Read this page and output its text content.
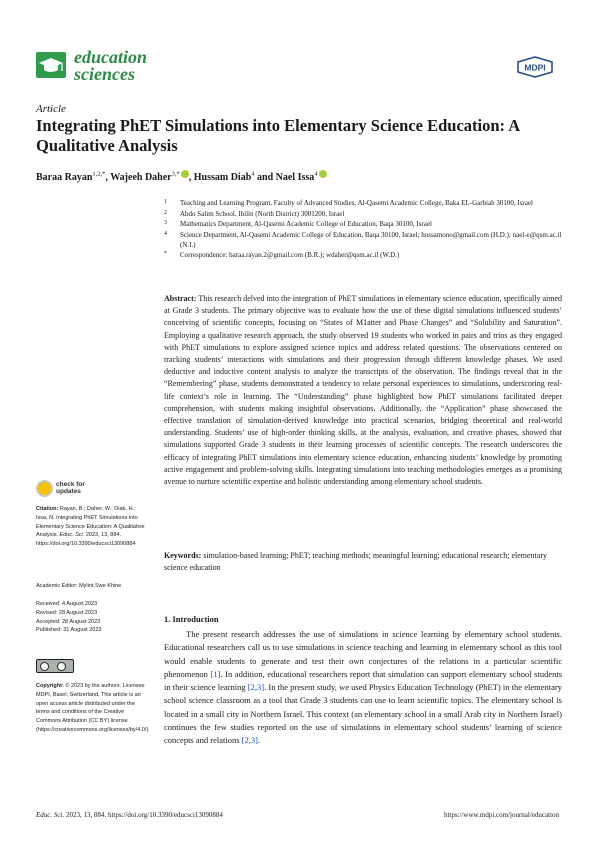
education
sciences	MDPI
Article
Integrating PhET Simulations into Elementary Science Education: A Qualitative Analysis
Baraa Rayan$^{1,2,*}$, Wajeeh Daher$^{3,*}$ , Hussam Diab$^4$ and Nael Issa$^4$
1 Teaching and Learning Program, Faculty of Advanced Studies, Al-Qasemi Academic College, Baka EL-Garbiah 30100, Israel
2 Abdo Salim School, Ibilin (North District) 3001200, Israel
3 Mathematics Department, Al-Qasemi Academic College of Education, Baqa 30100, Israel
4 Science Department, Al-Qasemi Academic College of Education, Baqa 30100, Israel; hussamono@gmail.com (H.D.); nael-e@qsm.ac.il (N.I.)
* Correspondence: baraa.rayan.2@gmail.com (B.R.); wdaher@qsm.ac.il (W.D.)

Abstract: This research delved into the integration of PhET simulations in elementary science education, specifically aimed at Grade 3 students. The primary objective was to evaluate how the use of these digital simulations influenced students’ conceiving of scientific concepts, focusing on “States of M1atter and Phase Changes” and “Solubility and Saturation”. Employing a qualitative research approach, the study observed 19 students who worked in pairs and trios as they engaged with PhET simulations to explore assigned science topics and address related questions. The observations centered on tracking students’ interactions with simulations and their progression through different knowledge phases. We used deductive and inductive content analysis to analyze the transcripts of the observation. The findings reveal that in the “Remembering” phase, students demonstrated a tendency to relate personal experiences to simulations, underscoring real-life context’s role in learning. The “Understanding” phase highlighted how PhET simulations facilitated deeper comprehension, with students making insightful observations. Additionally, the “Application” phase showcased the effective translation of simulation-derived knowledge into practical scenarios, bridging theoretical and real-world understanding. Students’ use of high-order thinking skills, at the analysis, evaluation, and creative phases, showed that simulations supported Grade 3 students in their learning processes of scientific concepts. The research underscores the efficacy of integrating PhET simulations into elementary science education, enhancing students’ knowledge by promoting active engagement and problem-solving skills. Integrating simulations into teaching methodologies emerges as a promising avenue to nurture scientific expertise and holistic understanding among elementary school students.

Keywords: simulation-based learning; PhET; teaching methods; meaningful learning; educational research; elementary science education

check for
updates
Citation: Rayan, B.; Daher, W.; Diab, H.; Issa, N. Integrating PhET Simulations into Elementary Science Education: A Qualitative Analysis. Educ. Sci. 2023, 13, 884. https://doi.org/10.3390/educsci13090884
Academic Editor: Mylint Swe Khine
Received: 4 August 2023
Revised: 28 August 2023
Accepted: 28 August 2023
Published: 31 August 2023
Copyright: © 2023 by the authors. Licensee MDPI, Basel, Switzerland. This article is an open access article distributed under the terms and conditions of the Creative Commons Attribution (CC BY) license (https://creativecommons.org/licenses/by/4.0/).
1. Introduction

The present research addresses the use of simulations in science learning by elementary school students. Educational researchers call us to use simulations in science teaching and learning in elementary school as this tool would enable students to generate and test their own conjectures of the relations in a particular scientific phenomenon [1]. In addition, educational researchers report that simulation can support elementary school students in their science learning [2,3]. In the present study, we used Physics Education Technology (PhET) in the elementary school science classroom as a tool that Grade 3 students can use to learn scientific topics. The elementary school is located in a small city in Northern Israel. This context (an elementary school in a small Arab city in Northern Israel) continues the few studies reported on the use of simulations in elementary school students’ learning of science concepts and relations [2,3].

Educ. Sci. 2023, 13, 884. https://doi.org/10.3390/educsci13090884	https://www.mdpi.com/journal/education
